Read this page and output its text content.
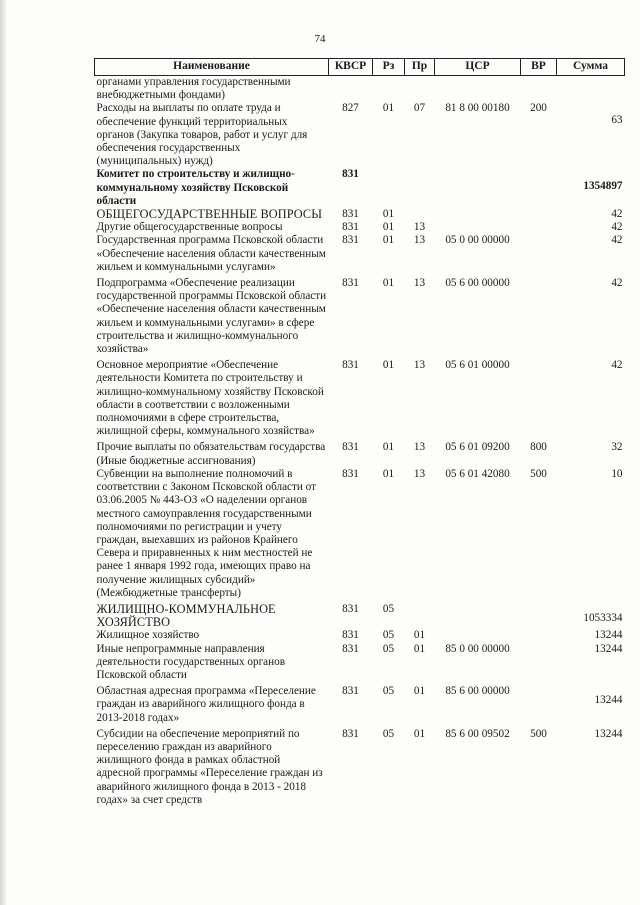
74
Наименование	КВСР	Рз	Пр	ЦСР	ВР	Сумма
органами управления государственными внебюджетными фондами)						
Расходы на выплаты по оплате труда и обеспечение функций территориальных органов (Закупка товаров, работ и услуг для обеспечения государственных (муниципальных) нужд)	827	01	07	81 8 00 00180	200	63
Комитет по строительству и жилищно-коммунальному хозяйству Псковской области	831					1354897
ОБЩЕГОСУДАРСТВЕННЫЕ ВОПРОСЫ	831	01				42
Другие общегосударственные вопросы	831	01	13			42
Государственная программа Псковской области «Обеспечение населения области качественным жильем и коммунальными услугами»	831	01	13	05 0 00 00000		42
Подпрограмма «Обеспечение реализации государственной программы Псковской области «Обеспечение населения области качественным жильем и коммунальными услугами» в сфере строительства и жилищно-коммунального хозяйства»	831	01	13	05 6 00 00000		42
Основное мероприятие «Обеспечение деятельности Комитета по строительству и жилищно-коммунальному хозяйству Псковской области в соответствии с возложенными полномочиями в сфере строительства, жилищной сферы, коммунального хозяйства»	831	01	13	05 6 01 00000		42
Прочие выплаты по обязательствам государства (Иные бюджетные ассигнования)	831	01	13	05 6 01 09200	800	32
Субвенции на выполнение полномочий в соответствии с Законом Псковской области от 03.06.2005 № 443-ОЗ «О наделении органов местного самоуправления государственными полномочиями по регистрации и учету граждан, выехавших из районов Крайнего Севера и приравненных к ним местностей не ранее 1 января 1992 года, имеющих право на получение жилищных субсидий» (Межбюджетные трансферты)	831	01	13	05 6 01 42080	500	10
ЖИЛИЩНО-КОММУНАЛЬНОЕ ХОЗЯЙСТВО	831	05				1053334
Жилищное хозяйство	831	05	01			13244
Иные непрограммные направления деятельности государственных органов Псковской области	831	05	01	85 0 00 00000		13244
Областная адресная программа «Переселение граждан из аварийного жилищного фонда в 2013-2018 годах»	831	05	01	85 6 00 00000		13244
Субсидии на обеспечение мероприятий по переселению граждан из аварийного жилищного фонда в рамках областной адресной программы «Переселение граждан из аварийного жилищного фонда в 2013 - 2018 годах» за счет средств	831	05	01	85 6 00 09502	500	13244
